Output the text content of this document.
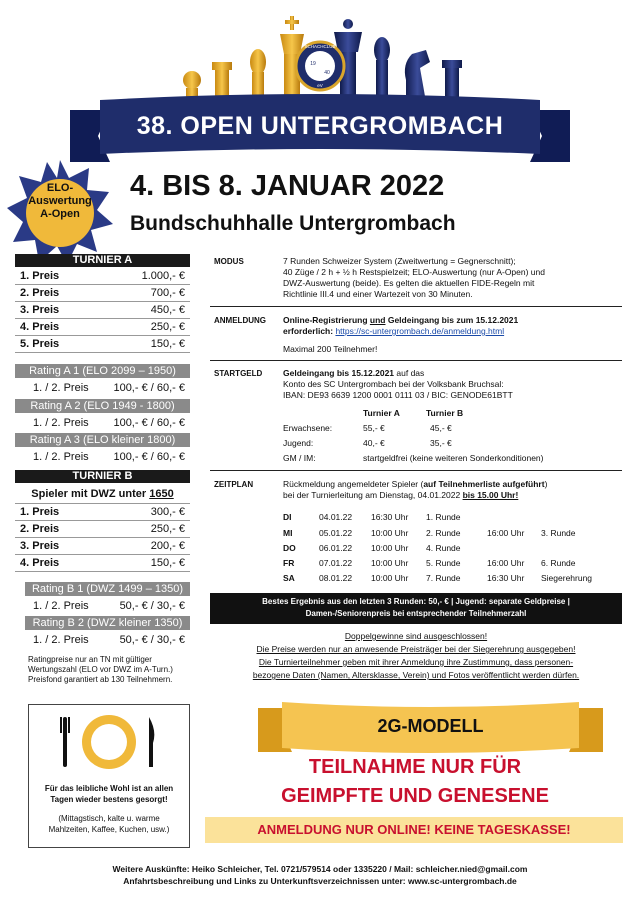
SCHACHCLUB
19
40
eV
38. OPEN UNTERGROMBACH
ELO-
Auswertung
A-Open
4. BIS 8. JANUAR 2022
Bundschuhhalle Untergrombach
TURNIER A
1. Preis	1.000,- €
2. Preis	700,- €
3. Preis	450,- €
4. Preis	250,- €
5. Preis	150,- €
Rating A 1 (ELO 2099 – 1950)
1. / 2. Preis 100,- € / 60,- €
Rating A 2 (ELO 1949 - 1800)
1. / 2. Preis 100,- € / 60,- €
Rating A 3 (ELO kleiner 1800)
1. / 2. Preis 100,- € / 60,- €
TURNIER B
Spieler mit DWZ unter 1650
1. Preis	300,- €
2. Preis	250,- €
3. Preis	200,- €
4. Preis	150,- €
Rating B 1 (DWZ 1499 – 1350)
1. / 2. Preis	50,- € / 30,- €
Rating B 2 (DWZ kleiner 1350)
1. / 2. Preis	50,- € / 30,- €
Ratingpreise nur an TN mit gültiger
Wertungszahl (ELO vor DWZ im A-Turn.)
Preisfond garantiert ab 130 Teilnehmern.
MODUS	7 Runden Schweizer System (Zweitwertung = Gegnerschnitt);
40 Züge / 2 h + ½ h Restspielzeit; ELO-Auswertung (nur A-Open) und
DWZ-Auswertung (beide). Es gelten die aktuellen FIDE-Regeln mit
Richtlinie III.4 und einer Wartezeit von 30 Minuten.
ANMELDUNG Online-Registrierung und Geldeingang bis zum 15.12.2021
erforderlich: https://sc-untergrombach.de/anmeldung.html
Maximal 200 Teilnehmer!
STARTGELD Geldeingang bis 15.12.2021 auf das
Konto des SC Untergrombach bei der Volksbank Bruchsal:
IBAN: DE93 6639 1200 0001 0111 03 / BIC: GENODE61BTT
Turnier A	Turnier B
Erwachsene:	55,- €	45,- €
Jugend:	40,- €	35,- €
GM / IM:	startgeldfrei (keine weiteren Sonderkonditionen)
ZEITPLAN	Rückmeldung angemeldeter Spieler (auf Teilnehmerliste aufgeführt)
bei der Turnierleitung am Dienstag, 04.01.2022 bis 15.00 Uhr!
DI	04.01.22 16:30 Uhr 1. Runde
MI	05.01.22 10:00 Uhr 2. Runde	16:00 Uhr 3. Runde
DO	06.01.22 10:00 Uhr 4. Runde
FR	07.01.22 10:00 Uhr 5. Runde	16:00 Uhr 6. Runde
SA	08.01.22 10:00 Uhr 7. Runde	16:30 Uhr Siegerehrung
Bestes Ergebnis aus den letzten 3 Runden: 50,- € | Jugend: separate Geldpreise |
Damen-/Seniorenpreis bei entsprechender Teilnehmerzahl
Doppelgewinne sind ausgeschlossen!
Die Preise werden nur an anwesende Preisträger bei der Siegerehrung ausgegeben!
Die Turnierteilnehmer geben mit ihrer Anmeldung ihre Zustimmung, dass personen-
bezogene Daten (Namen, Altersklasse, Verein) und Fotos veröffentlicht werden dürfen.
Für das leibliche Wohl ist an allen
Tagen wieder bestens gesorgt!
(Mittagstisch, kalte u. warme
Mahlzeiten, Kaffee, Kuchen, usw.)
2G-MODELL
TEILNAHME NUR FÜR
GEIMPFTE UND GENESENE
ANMELDUNG NUR ONLINE! KEINE TAGESKASSE!
Weitere Auskünfte: Heiko Schleicher, Tel. 0721/579514 oder 1335220 / Mail: schleicher.nied@gmail.com
Anfahrtsbeschreibung und Links zu Unterkunftsverzeichnissen unter: www.sc-untergrombach.de
